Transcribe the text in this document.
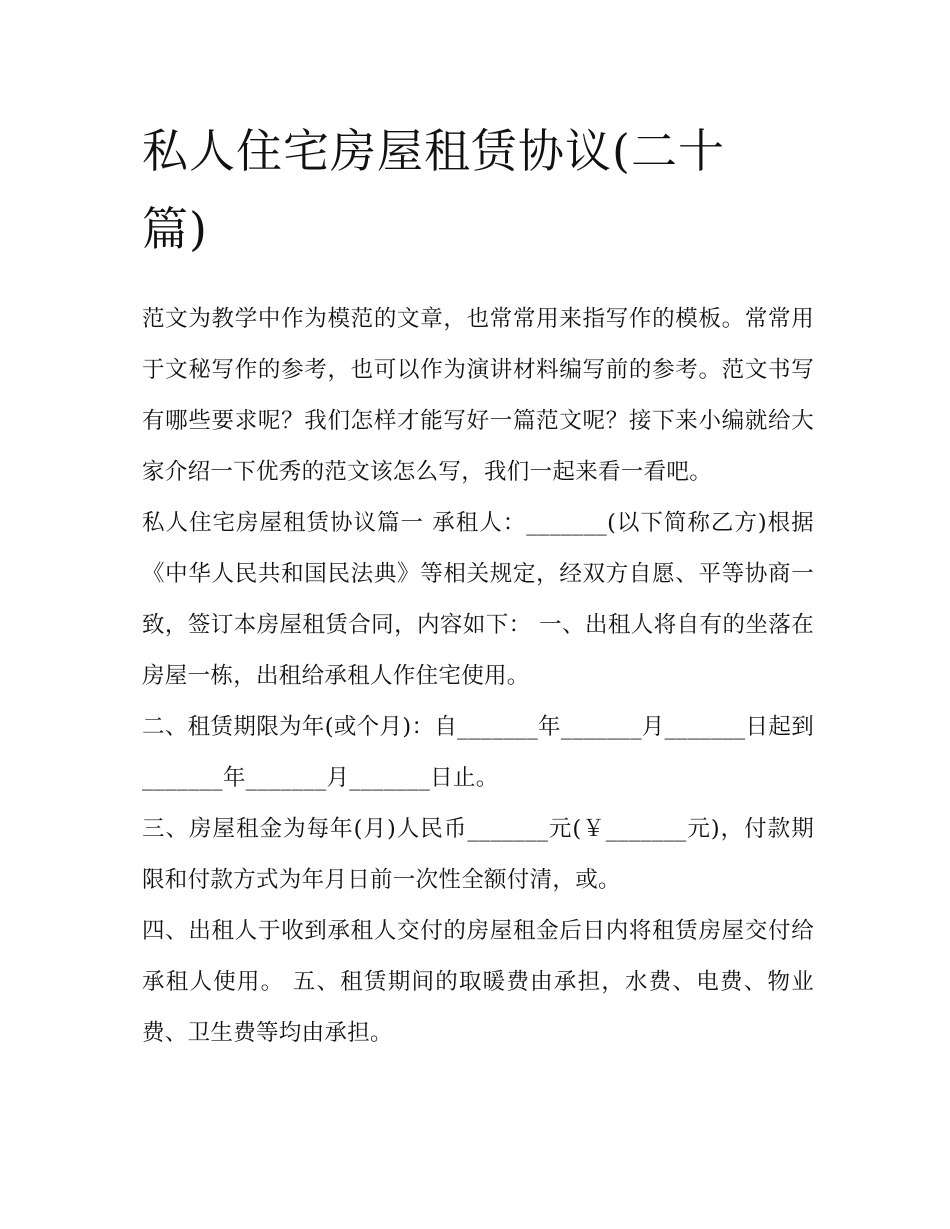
私人住宅房屋租赁协议(二十篇)

范文为教学中作为模范的文章，也常常用来指写作的模板。常常用于文秘写作的参考，也可以作为演讲材料编写前的参考。范文书写有哪些要求呢？我们怎样才能写好一篇范文呢？接下来小编就给大家介绍一下优秀的范文该怎么写，我们一起来看一看吧。

私人住宅房屋租赁协议篇一 承租人：_______(以下简称乙方)根据《中华人民共和国民法典》等相关规定，经双方自愿、平等协商一致，签订本房屋租赁合同，内容如下： 一、出租人将自有的坐落在房屋一栋，出租给承租人作住宅使用。

二、租赁期限为年(或个月)：自_______年_______月_______日起到_______年_______月_______日止。

三、房屋租金为每年(月)人民币_______元(￥_______元)，付款期限和付款方式为年月日前一次性全额付清，或。

四、出租人于收到承租人交付的房屋租金后日内将租赁房屋交付给承租人使用。 五、租赁期间的取暖费由承担，水费、电费、物业费、卫生费等均由承担。
